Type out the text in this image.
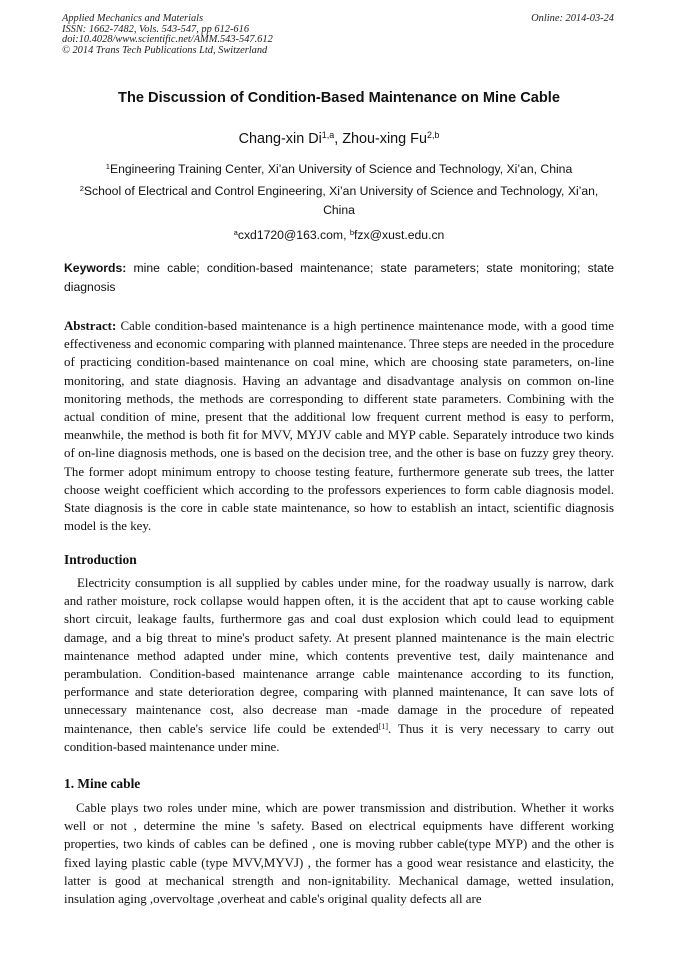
Applied Mechanics and Materials
ISSN: 1662-7482, Vols. 543-547, pp 612-616
doi:10.4028/www.scientific.net/AMM.543-547.612
© 2014 Trans Tech Publications Ltd, Switzerland
Online: 2014-03-24
The Discussion of Condition-Based Maintenance on Mine Cable
Chang-xin Di$^{1,a}$, Zhou-xing Fu$^{2,b}$
$^1$Engineering Training Center, Xi’an University of Science and Technology, Xi’an, China
$^2$School of Electrical and Control Engineering, Xi’an University of Science and Technology, Xi’an, China
$^a$cxd1720@163.com, $^b$fzx@xust.edu.cn
Keywords: mine cable; condition-based maintenance; state parameters; state monitoring; state diagnosis
Abstract: Cable condition-based maintenance is a high pertinence maintenance mode, with a good time effectiveness and economic comparing with planned maintenance. Three steps are needed in the procedure of practicing condition-based maintenance on coal mine, which are choosing state parameters, on-line monitoring, and state diagnosis. Having an advantage and disadvantage analysis on common on-line monitoring methods, the methods are corresponding to different state parameters. Combining with the actual condition of mine, present that the additional low frequent current method is easy to perform, meanwhile, the method is both fit for MVV, MYJV cable and MYP cable. Separately introduce two kinds of on-line diagnosis methods, one is based on the decision tree, and the other is base on fuzzy grey theory. The former adopt minimum entropy to choose testing feature, furthermore generate sub trees, the latter choose weight coefficient which according to the professors experiences to form cable diagnosis model. State diagnosis is the core in cable state maintenance, so how to establish an intact, scientific diagnosis model is the key.
Introduction
Electricity consumption is all supplied by cables under mine, for the roadway usually is narrow, dark and rather moisture, rock collapse would happen often, it is the accident that apt to cause working cable short circuit, leakage faults, furthermore gas and coal dust explosion which could lead to equipment damage, and a big threat to mine's product safety. At present planned maintenance is the main electric maintenance method adapted under mine, which contents preventive test, daily maintenance and perambulation. Condition-based maintenance arrange cable maintenance according to its function, performance and state deterioration degree, comparing with planned maintenance, It can save lots of unnecessary maintenance cost, also decrease man -made damage in the procedure of repeated maintenance, then cable's service life could be extended[1]. Thus it is very necessary to carry out condition-based maintenance under mine.
1. Mine cable
Cable plays two roles under mine, which are power transmission and distribution. Whether it works well or not , determine the mine 's safety. Based on electrical equipments have different working properties, two kinds of cables can be defined , one is moving rubber cable(type MYP) and the other is fixed laying plastic cable (type MVV,MYVJ) , the former has a good wear resistance and elasticity, the latter is good at mechanical strength and non-ignitability. Mechanical damage, wetted insulation, insulation aging ,overvoltage ,overheat and cable's original quality defects all are
